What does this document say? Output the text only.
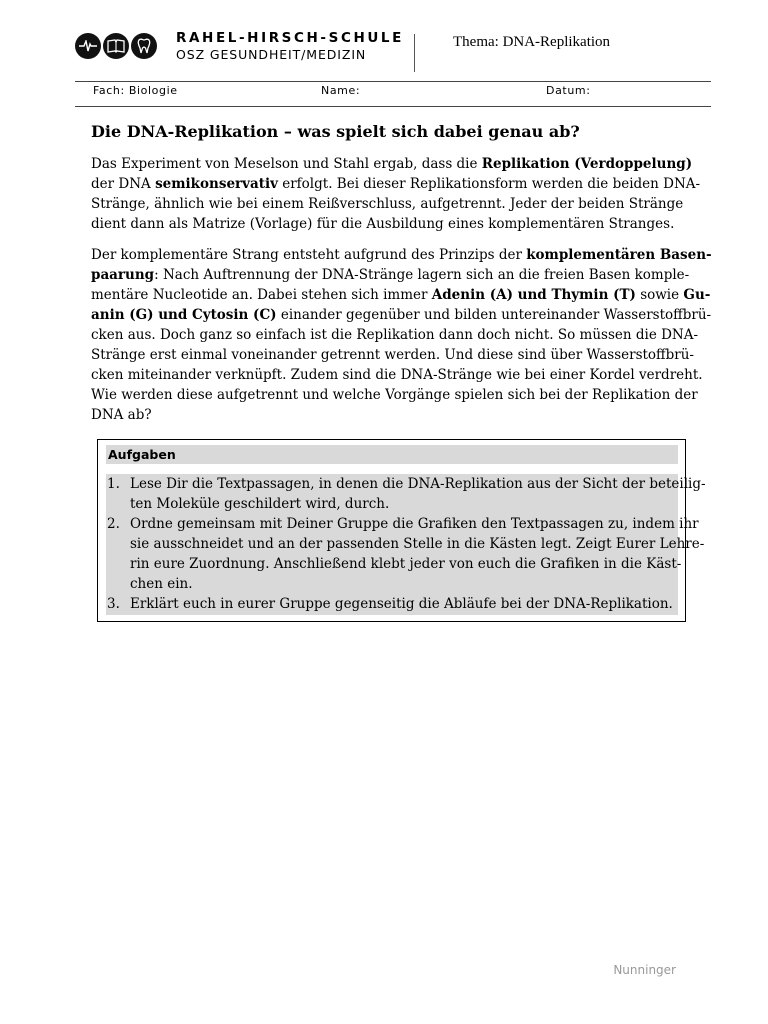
RAHEL-HIRSCH-SCHULE
OSZ GESUNDHEIT/MEDIZIN
Thema: DNA-Replikation
Fach: Biologie	Name:	Datum:
Die DNA-Replikation – was spielt sich dabei genau ab?
Das Experiment von Meselson und Stahl ergab, dass die Replikation (Verdoppelung)
der DNA semikonservativ erfolgt. Bei dieser Replikationsform werden die beiden DNA-
Stränge, ähnlich wie bei einem Reißverschluss, aufgetrennt. Jeder der beiden Stränge
dient dann als Matrize (Vorlage) für die Ausbildung eines komplementären Stranges.
Der komplementäre Strang entsteht aufgrund des Prinzips der komplementären Basen-
paarung: Nach Auftrennung der DNA-Stränge lagern sich an die freien Basen komple-
mentäre Nucleotide an. Dabei stehen sich immer Adenin (A) und Thymin (T) sowie Gu-
anin (G) und Cytosin (C) einander gegenüber und bilden untereinander Wasserstoffbrü-
cken aus. Doch ganz so einfach ist die Replikation dann doch nicht. So müssen die DNA-
Stränge erst einmal voneinander getrennt werden. Und diese sind über Wasserstoffbrü-
cken miteinander verknüpft. Zudem sind die DNA-Stränge wie bei einer Kordel verdreht.
Wie werden diese aufgetrennt und welche Vorgänge spielen sich bei der Replikation der
DNA ab?
Aufgaben
1. Lese Dir die Textpassagen, in denen die DNA-Replikation aus der Sicht der beteilig-
ten Moleküle geschildert wird, durch.
2. Ordne gemeinsam mit Deiner Gruppe die Grafiken den Textpassagen zu, indem ihr
sie ausschneidet und an der passenden Stelle in die Kästen legt. Zeigt Eurer Lehre-
rin eure Zuordnung. Anschließend klebt jeder von euch die Grafiken in die Käst-
chen ein.
3. Erklärt euch in eurer Gruppe gegenseitig die Abläufe bei der DNA-Replikation.
Nunninger
